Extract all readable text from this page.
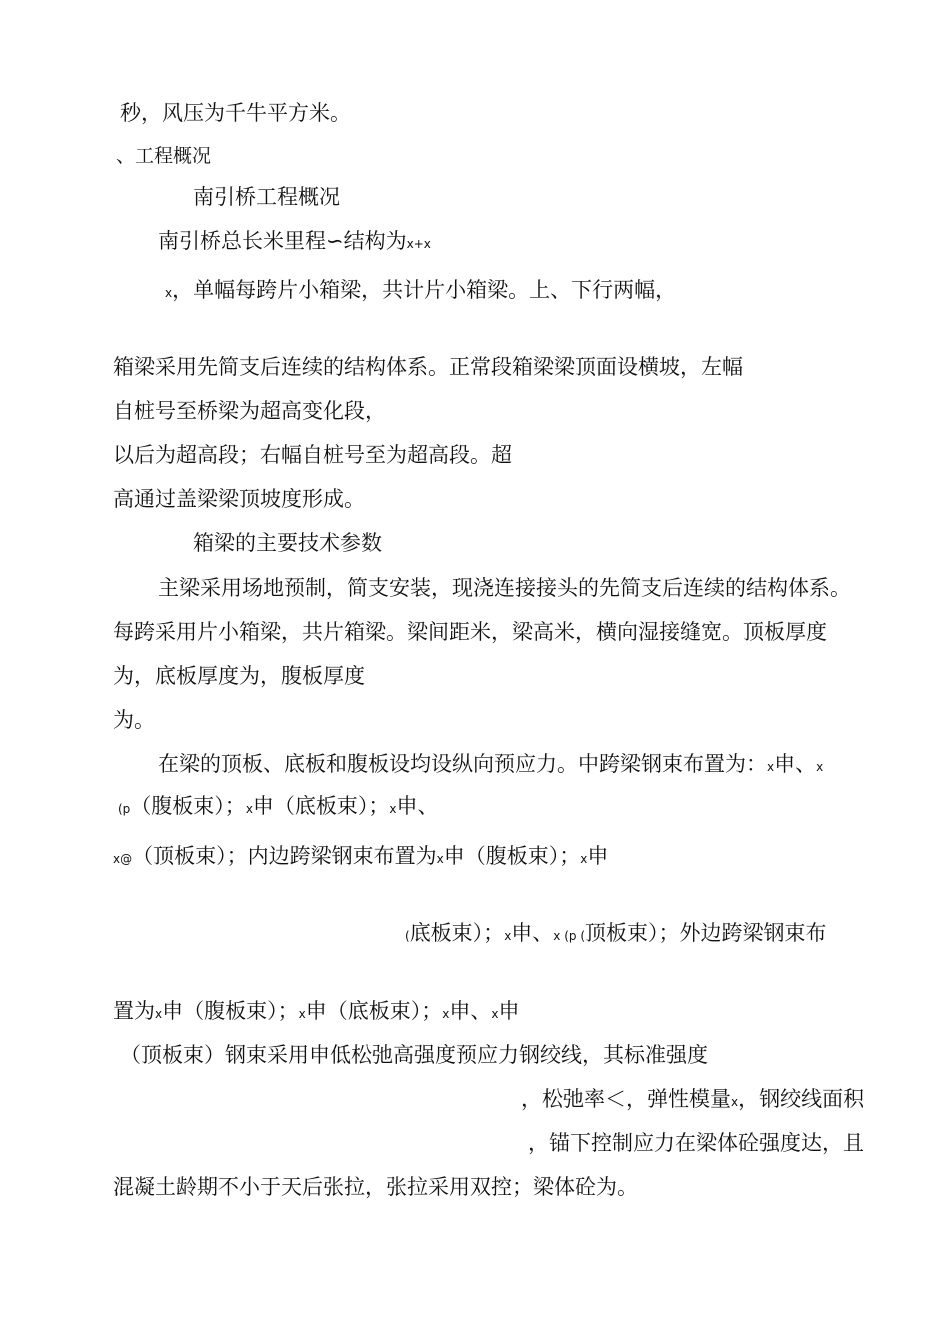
秒，风压为千牛平方米。
、工程概况
南引桥工程概况
南引桥总长米里程∽结构为x+x
x，单幅每跨片小箱梁，共计片小箱梁。上、下行两幅，
箱梁采用先简支后连续的结构体系。正常段箱梁梁顶面设横坡，左幅
自桩号至桥梁为超高变化段，
以后为超高段；右幅自桩号至为超高段。超
高通过盖梁梁顶坡度形成。
箱梁的主要技术参数
主梁采用场地预制，简支安装，现浇连接接头的先简支后连续的结构体系。
每跨采用片小箱梁，共片箱梁。梁间距米，梁高米，横向湿接缝宽。顶板厚度
为，底板厚度为，腹板厚度
为。
在梁的顶板、底板和腹板设均设纵向预应力。中跨梁钢束布置为：x申、x
(p（腹板束）；x申（底板束）；x申、
x@（顶板束）；内边跨梁钢束布置为x申（腹板束）；x申
(底板束）；x申、x (p (顶板束）；外边跨梁钢束布
置为x申（腹板束）；x申（底板束）；x申、x申
（顶板束）钢束采用申低松弛高强度预应力钢绞线，其标准强度
，松弛率＜，弹性模量x，钢绞线面积
，锚下控制应力在梁体砼强度达，且
混凝土龄期不小于天后张拉，张拉采用双控；梁体砼为。
